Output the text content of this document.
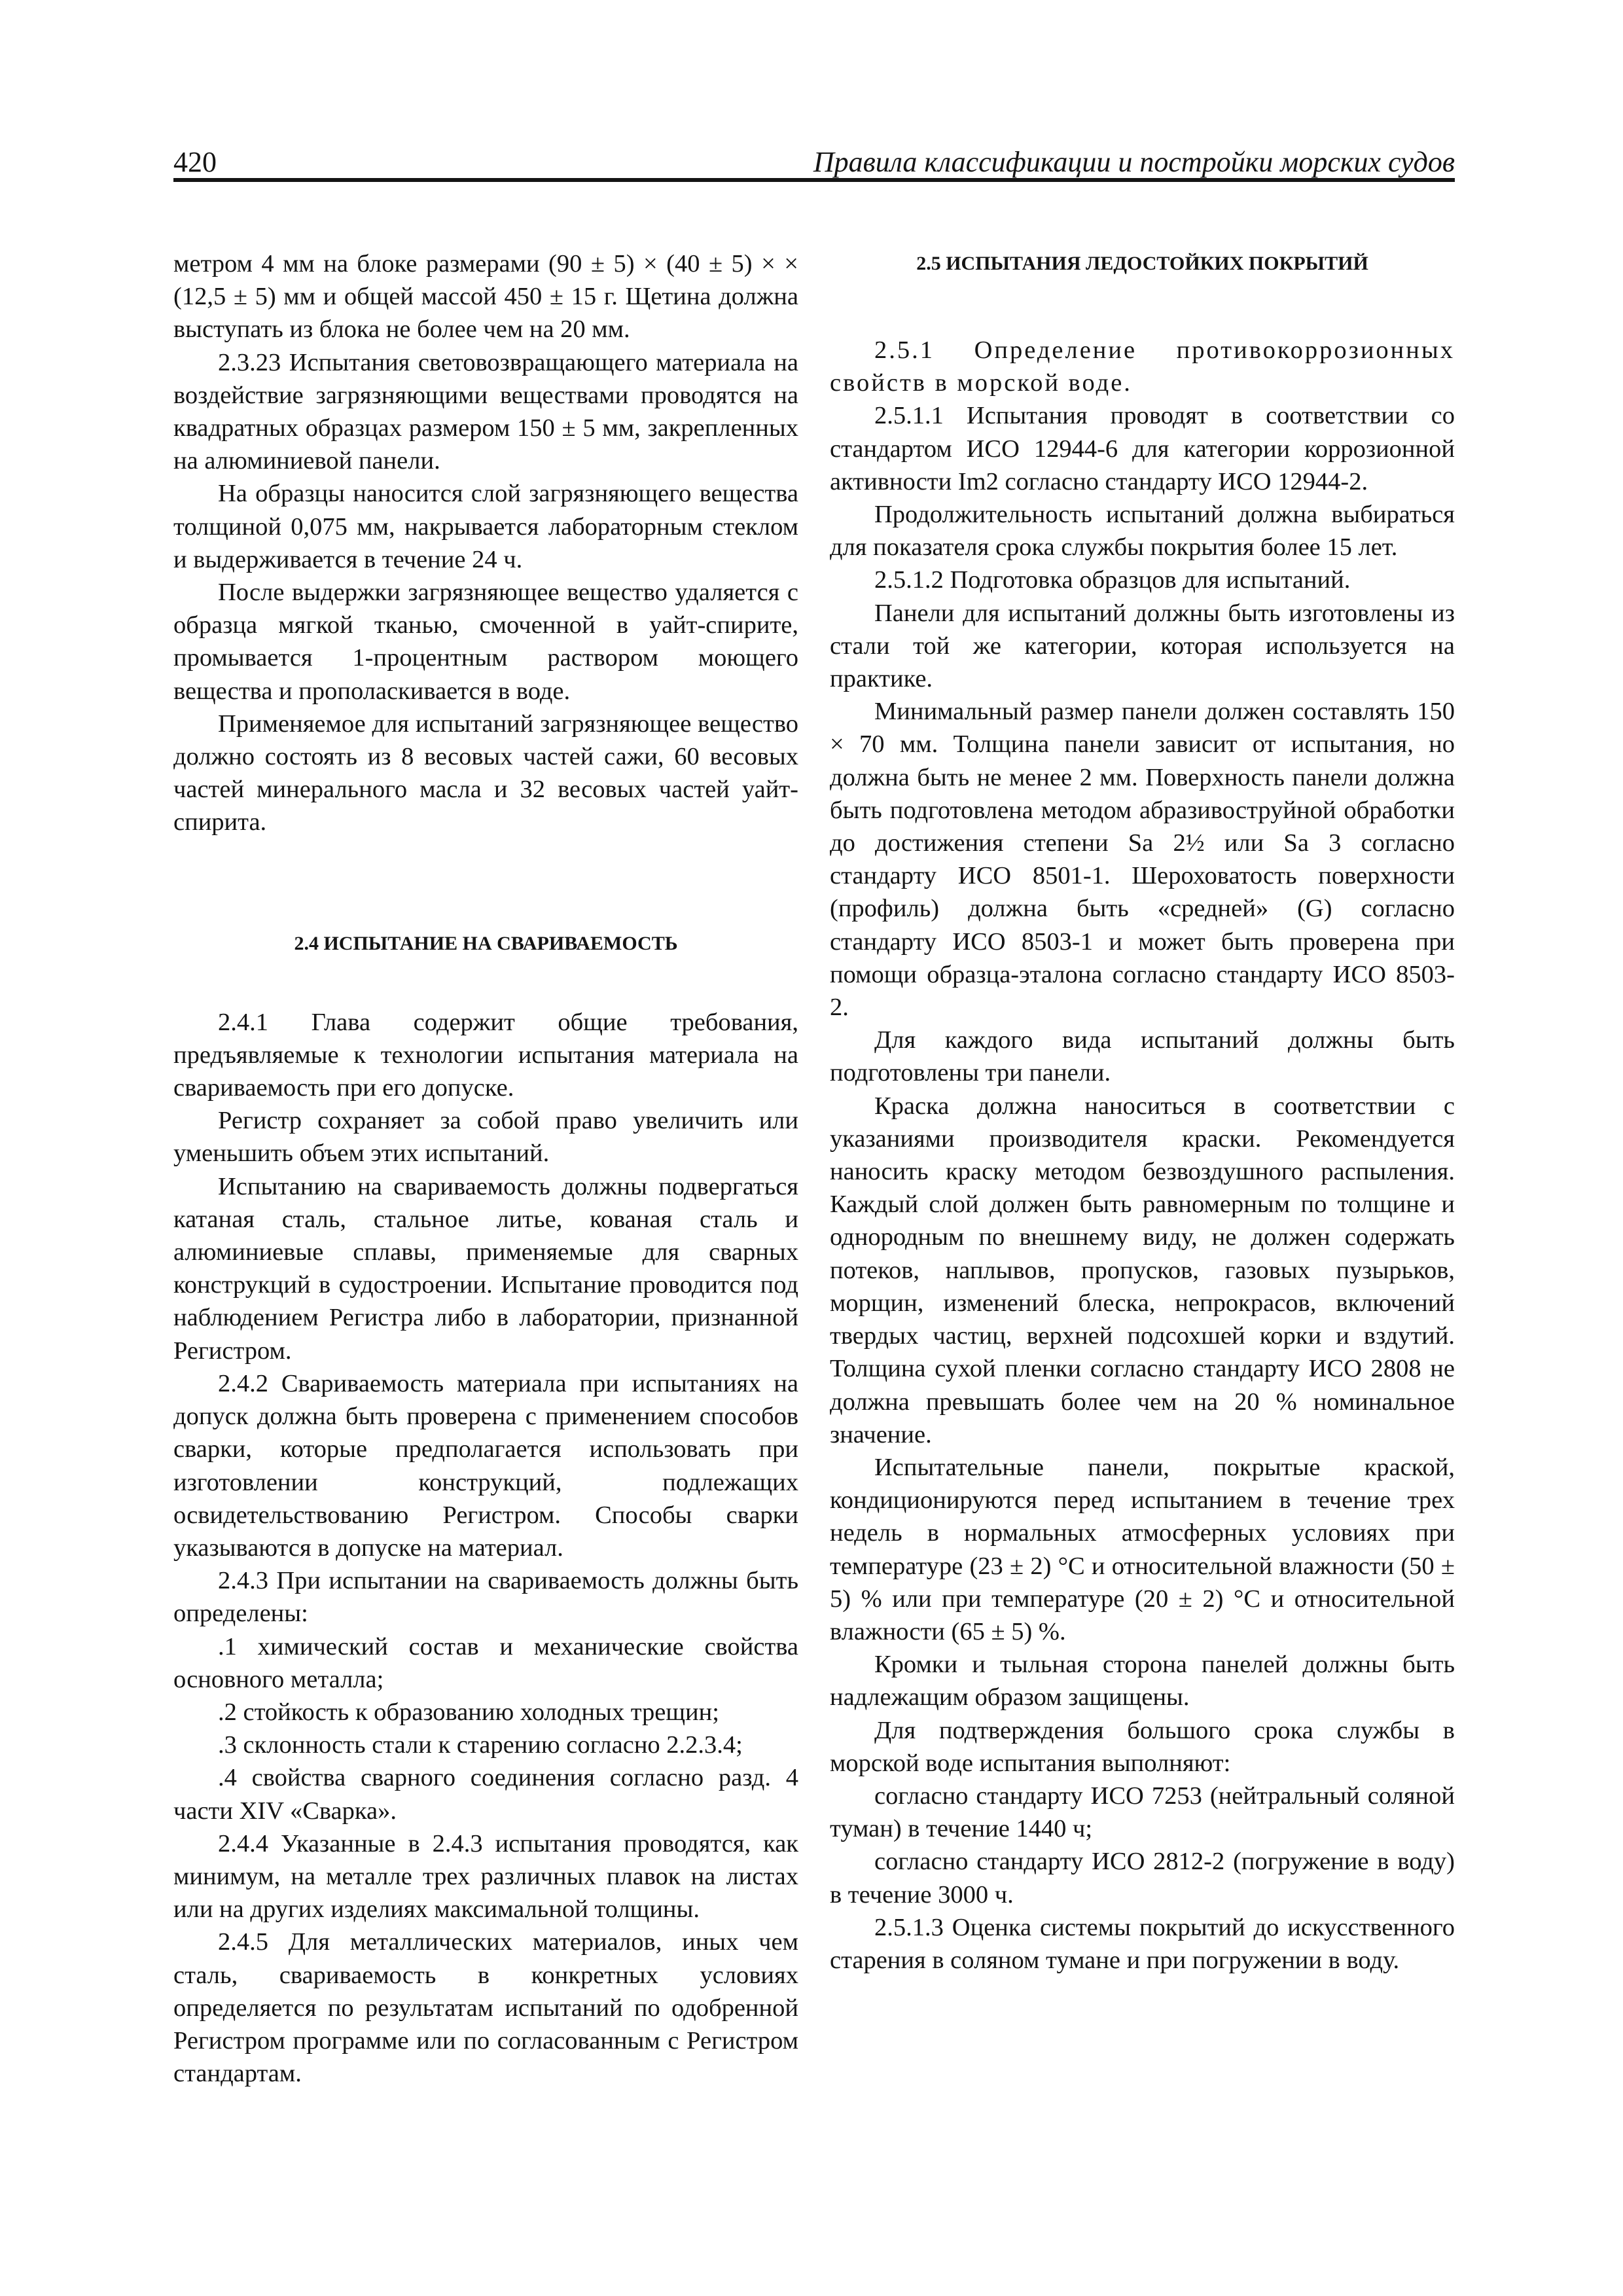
420	Правила классификации и постройки морских судов

метром 4 мм на блоке размерами (90 ± 5) × (40 ± 5) × × (12,5 ± 5) мм и общей массой 450 ± 15 г. Щетина должна выступать из блока не более чем на 20 мм.

2.3.23 Испытания световозвращающего материала на воздействие загрязняющими веществами проводятся на квадратных образцах размером 150 ± 5 мм, закрепленных на алюминиевой панели.

На образцы наносится слой загрязняющего вещества толщиной 0,075 мм, накрывается лабораторным стеклом и выдерживается в течение 24 ч.

После выдержки загрязняющее вещество удаляется с образца мягкой тканью, смоченной в уайт-спирите, промывается 1-процентным раствором моющего вещества и прополаскивается в воде.

Применяемое для испытаний загрязняющее вещество должно состоять из 8 весовых частей сажи, 60 весовых частей минерального масла и 32 весовых частей уайт-спирита.

2.4 ИСПЫТАНИЕ НА СВАРИВАЕМОСТЬ

2.4.1 Глава содержит общие требования, предъявляемые к технологии испытания материала на свариваемость при его допуске.

Регистр сохраняет за собой право увеличить или уменьшить объем этих испытаний.

Испытанию на свариваемость должны подвергаться катаная сталь, стальное литье, кованая сталь и алюминиевые сплавы, применяемые для сварных конструкций в судостроении. Испытание проводится под наблюдением Регистра либо в лаборатории, признанной Регистром.

2.4.2 Свариваемость материала при испытаниях на допуск должна быть проверена с применением способов сварки, которые предполагается использовать при изготовлении конструкций, подлежащих освидетельствованию Регистром. Способы сварки указываются в допуске на материал.

2.4.3 При испытании на свариваемость должны быть определены:

.1 химический состав и механические свойства основного металла;

.2 стойкость к образованию холодных трещин;

.3 склонность стали к старению согласно 2.2.3.4;

.4 свойства сварного соединения согласно разд. 4 части XIV «Сварка».

2.4.4 Указанные в 2.4.3 испытания проводятся, как минимум, на металле трех различных плавок на листах или на других изделиях максимальной толщины.

2.4.5 Для металлических материалов, иных чем сталь, свариваемость в конкретных условиях определяется по результатам испытаний по одобренной Регистром программе или по согласованным с Регистром стандартам.

2.5 ИСПЫТАНИЯ ЛЕДОСТОЙКИХ ПОКРЫТИЙ

2.5.1 Определение противокоррозионных свойств в морской воде.

2.5.1.1 Испытания проводят в соответствии со стандартом ИСО 12944-6 для категории коррозионной активности Im2 согласно стандарту ИСО 12944-2.

Продолжительность испытаний должна выбираться для показателя срока службы покрытия более 15 лет.

2.5.1.2 Подготовка образцов для испытаний.

Панели для испытаний должны быть изготовлены из стали той же категории, которая используется на практике.

Минимальный размер панели должен составлять 150 × 70 мм. Толщина панели зависит от испытания, но должна быть не менее 2 мм. Поверхность панели должна быть подготовлена методом абразивоструйной обработки до достижения степени Sa 2½ или Sa 3 согласно стандарту ИСО 8501-1. Шероховатость поверхности (профиль) должна быть «средней» (G) согласно стандарту ИСО 8503-1 и может быть проверена при помощи образца-эталона согласно стандарту ИСО 8503-2.

Для каждого вида испытаний должны быть подготовлены три панели.

Краска должна наноситься в соответствии с указаниями производителя краски. Рекомендуется наносить краску методом безвоздушного распыления. Каждый слой должен быть равномерным по толщине и однородным по внешнему виду, не должен содержать потеков, наплывов, пропусков, газовых пузырьков, морщин, изменений блеска, непрокрасов, включений твердых частиц, верхней подсохшей корки и вздутий. Толщина сухой пленки согласно стандарту ИСО 2808 не должна превышать более чем на 20 % номинальное значение.

Испытательные панели, покрытые краской, кондиционируются перед испытанием в течение трех недель в нормальных атмосферных условиях при температуре (23 ± 2) °С и относительной влажности (50 ± 5) % или при температуре (20 ± 2) °С и относительной влажности (65 ± 5) %.

Кромки и тыльная сторона панелей должны быть надлежащим образом защищены.

Для подтверждения большого срока службы в морской воде испытания выполняют:

согласно стандарту ИСО 7253 (нейтральный соляной туман) в течение 1440 ч;

согласно стандарту ИСО 2812-2 (погружение в воду) в течение 3000 ч.

2.5.1.3 Оценка системы покрытий до искусственного старения в соляном тумане и при погружении в воду.
